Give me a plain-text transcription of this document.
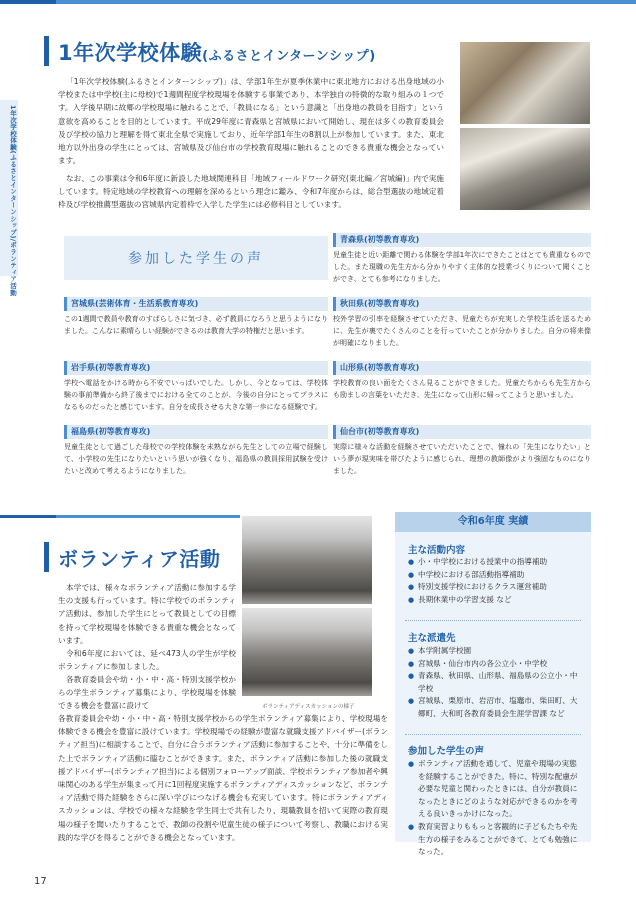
1年次学校体験(ふるさとインターンシップ)/ボランティア活動
1年次学校体験(ふるさとインターンシップ)
「1年次学校体験(ふるさとインターンシップ)」は、学部1年生が夏季休業中に東北地方における出身地域の小学校または中学校(主に母校)で1週間程度学校現場を体験する事業であり、本学独自の特徴的な取り組みの１つです。入学後早期に故郷の学校現場に触れることで、「教員になる」という意識と「出身地の教員を目指す」という意欲を高めることを目的としています。平成29年度に青森県と宮城県において開始し、現在は多くの教育委員会及び学校の協力と理解を得て東北全県で実施しており、近年学部1年生の8割以上が参加しています。また、東北地方以外出身の学生にとっては、宮城県及び仙台市の学校教育現場に触れることのできる貴重な機会となっています。
なお、この事業は令和6年度に新設した地域関連科目「地域フィールドワーク研究(東北編／宮城編)」内で実施しています。特定地域の学校教育への理解を深めるという理念に鑑み、令和7年度からは、総合型選抜の地域定着枠及び学校推薦型選抜の宮城県内定着枠で入学した学生には必修科目としています。
参加した学生の声
宮城県(芸術体育・生活系教育専攻)
この1週間で教員や教育のすばらしさに気づき、必ず教員になろうと思うようになりました。こんなに素晴らしい経験ができるのは教育大学の特権だと思います。
岩手県(初等教育専攻)
学校へ電話をかける時から不安でいっぱいでした。しかし、今となっては、学校体験の事前準備から終了後までにおける全てのことが、今後の自分にとってプラスになるものだったと感じています。自分を成長させる大きな第一歩になる経験です。
福島県(初等教育専攻)
児童生徒として過ごした母校での学校体験を未熟ながら先生としての立場で経験して、小学校の先生になりたいという思いが強くなり、福島県の教員採用試験を受けたいと改めて考えるようになりました。
青森県(初等教育専攻)
児童生徒と近い距離で関わる体験を学部1年次にできたことはとても貴重なものでした。また現職の先生方から分かりやすく主体的な授業づくりについて聞くことができ、とても参考になりました。
秋田県(初等教育専攻)
校外学習の引率を経験させていただき、児童たちが充実した学校生活を送るために、先生が裏でたくさんのことを行っていたことが分かりました。自分の将来像が明確になりました。
山形県(初等教育専攻)
学校教育の良い面をたくさん見ることができました。児童たちからも先生方からも励ましの言葉をいただき、先生になって山形に帰ってこようと思いました。
仙台市(初等教育専攻)
実際に様々な活動を経験させていただいたことで、憧れの「先生になりたい」という夢が現実味を帯びたように感じられ、理想の教師像がより強固なものになりました。
ボランティア活動
ボランティアディスカッションの様子
本学では、様々なボランティア活動に参加する学生の支援も行っています。特に学校でのボランティア活動は、参加した学生にとって教員としての目標を持って学校現場を体験できる貴重な機会となっています。
令和6年度においては、延べ473人の学生が学校ボランティアに参加しました。
各教育委員会や幼・小・中・高・特別支援学校からの学生ボランティア募集により、学校現場を体験できる機会を豊富に設けて
各教育委員会や幼・小・中・高・特別支援学校からの学生ボランティア募集により、学校現場を体験できる機会を豊富に設けています。学校現場での経験が豊富な就職支援アドバイザー(ボランティア担当)に相談することで、自分に合うボランティア活動に参加することや、十分に準備をした上でボランティア活動に臨むことができます。また、ボランティア活動に参加した後の就職支援アドバイザー(ボランティア担当)による個別フォローアップ面談、学校ボランティア参加者や興味関心のある学生が集まって月に1回程度実施するボランティアディスカッションなど、ボランティア活動で得た経験をさらに深い学びにつなげる機会も充実しています。特にボランティアディスカッションは、学校での様々な経験を学生同士で共有したり、現職教員を招いて実際の教育現場の様子を聞いたりすることで、教師の役割や児童生徒の様子について考察し、教職における実践的な学びを得ることができる機会となっています。
令和6年度 実績
主な活動内容
● 小・中学校における授業中の指導補助
● 中学校における部活動指導補助
● 特別支援学校におけるクラス運営補助
● 長期休業中の学習支援 など
主な派遣先
● 本学附属学校園
● 宮城県・仙台市内の各公立小・中学校
● 青森県、秋田県、山形県、福島県の公立小・中学校
● 宮城県、栗原市、岩沼市、塩竈市、柴田町、大郷町、大和町各教育委員会生涯学習課 など
参加した学生の声
● ボランティア活動を通して、児童や現場の実態を経験することができた。特に、特別な配慮が必要な児童と関わったときには、自分が教員になったときにどのような対応ができるのかを考える良いきっかけになった。
● 教育実習よりももっと客観的に子どもたちや先生方の様子をみることができて、とても勉強になった。
17
